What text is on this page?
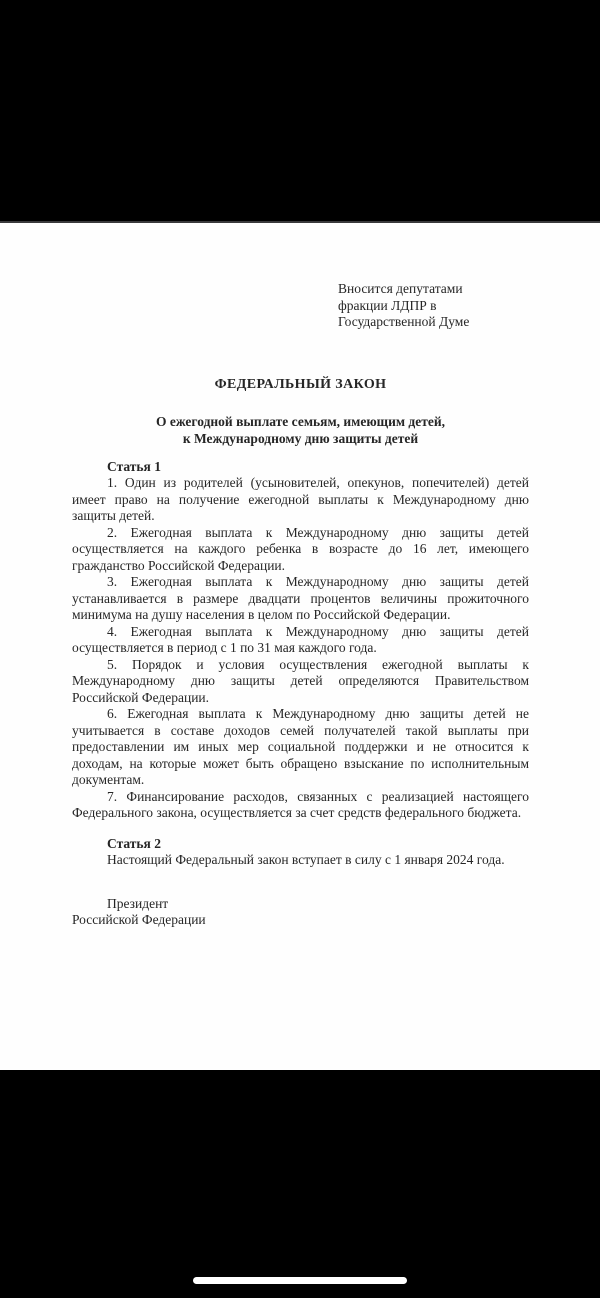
Вносится депутатами
фракции ЛДПР в
Государственной Думе
ФЕДЕРАЛЬНЫЙ ЗАКОН
О ежегодной выплате семьям, имеющим детей,
к Международному дню защиты детей
Статья 1

1. Один из родителей (усыновителей, опекунов, попечителей) детей имеет право на получение ежегодной выплаты к Международному дню защиты детей.

2. Ежегодная выплата к Международному дню защиты детей осуществляется на каждого ребенка в возрасте до 16 лет, имеющего гражданство Российской Федерации.

3. Ежегодная выплата к Международному дню защиты детей устанавливается в размере двадцати процентов величины прожиточного минимума на душу населения в целом по Российской Федерации.

4. Ежегодная выплата к Международному дню защиты детей осуществляется в период с 1 по 31 мая каждого года.

5. Порядок и условия осуществления ежегодной выплаты к Международному дню защиты детей определяются Правительством Российской Федерации.

6. Ежегодная выплата к Международному дню защиты детей не учитывается в составе доходов семей получателей такой выплаты при предоставлении им иных мер социальной поддержки и не относится к доходам, на которые может быть обращено взыскание по исполнительным документам.

7. Финансирование расходов, связанных с реализацией настоящего Федерального закона, осуществляется за счет средств федерального бюджета.

Статья 2

Настоящий Федеральный закон вступает в силу с 1 января 2024 года.

Президент
Российской Федерации
